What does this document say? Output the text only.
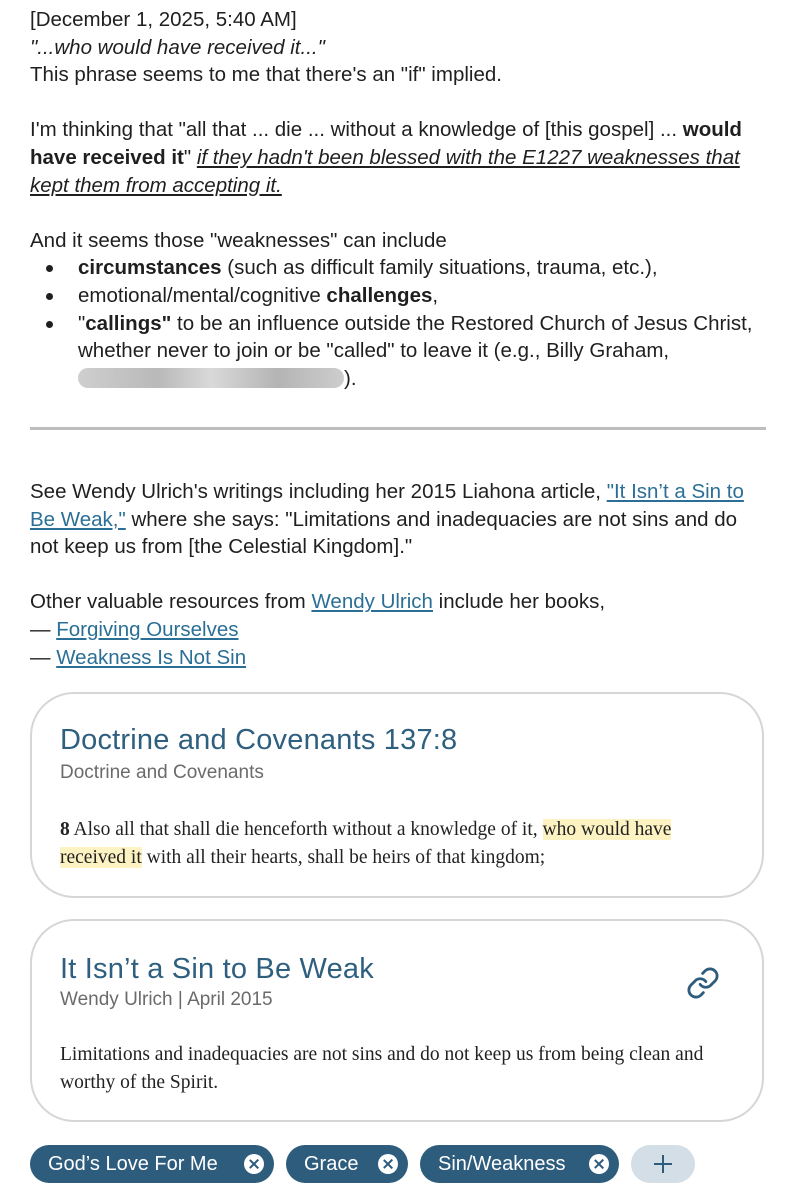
[December 1, 2025, 5:40 AM]

"...who would have received it..."

This phrase seems to me that there's an "if" implied.

I'm thinking that "all that ... die ... without a knowledge of [this gospel] ... would have received it" if they hadn't been blessed with the E1227 weaknesses that kept them from accepting it.

And it seems those "weaknesses" can include

circumstances (such as difficult family situations, trauma, etc.),
emotional/mental/cognitive challenges,
"callings" to be an influence outside the Restored Church of Jesus Christ, whether never to join or be "called" to leave it (e.g., Billy Graham, ).

See Wendy Ulrich's writings including her 2015 Liahona article, "It Isn’t a Sin to Be Weak," where she says: "Limitations and inadequacies are not sins and do not keep us from [the Celestial Kingdom]."

Other valuable resources from Wendy Ulrich include her books,

— Forgiving Ourselves

— Weakness Is Not Sin

Doctrine and Covenants 137:8
Doctrine and Covenants
8 Also all that shall die henceforth without a knowledge of it, who would have received it with all their hearts, shall be heirs of that kingdom;
It Isn’t a Sin to Be Weak
Wendy Ulrich | April 2015
Limitations and inadequacies are not sins and do not keep us from being clean and worthy of the Spirit.
God’s Love For Me	Grace	Sin/Weakness
